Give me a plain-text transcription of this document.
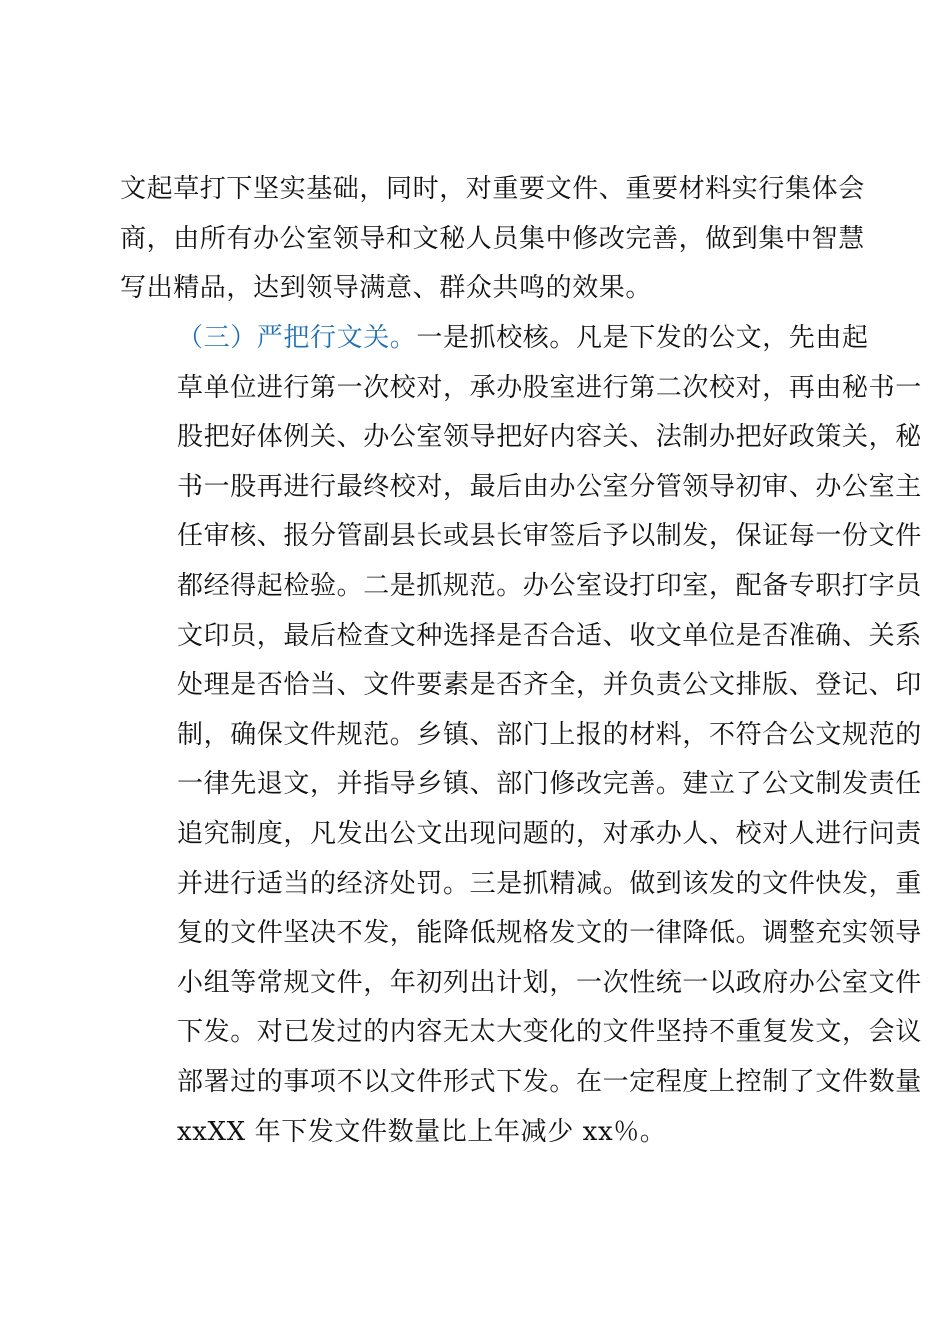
文起草打下坚实基础，同时，对重要文件、重要材料实行集体会
商，由所有办公室领导和文秘人员集中修改完善，做到集中智慧
写出精品，达到领导满意、群众共鸣的效果。
（三）严把行文关。一是抓校核。凡是下发的公文，先由起
草单位进行第一次校对，承办股室进行第二次校对，再由秘书一
股把好体例关、办公室领导把好内容关、法制办把好政策关，秘
书一股再进行最终校对，最后由办公室分管领导初审、办公室主
任审核、报分管副县长或县长审签后予以制发，保证每一份文件
都经得起检验。二是抓规范。办公室设打印室，配备专职打字员
文印员，最后检查文种选择是否合适、收文单位是否准确、关系
处理是否恰当、文件要素是否齐全，并负责公文排版、登记、印
制，确保文件规范。乡镇、部门上报的材料，不符合公文规范的
一律先退文，并指导乡镇、部门修改完善。建立了公文制发责任
追究制度，凡发出公文出现问题的，对承办人、校对人进行问责
并进行适当的经济处罚。三是抓精减。做到该发的文件快发，重
复的文件坚决不发，能降低规格发文的一律降低。调整充实领导
小组等常规文件，年初列出计划，一次性统一以政府办公室文件
下发。对已发过的内容无太大变化的文件坚持不重复发文，会议
部署过的事项不以文件形式下发。在一定程度上控制了文件数量
xxXX 年下发文件数量比上年减少 xx％。
